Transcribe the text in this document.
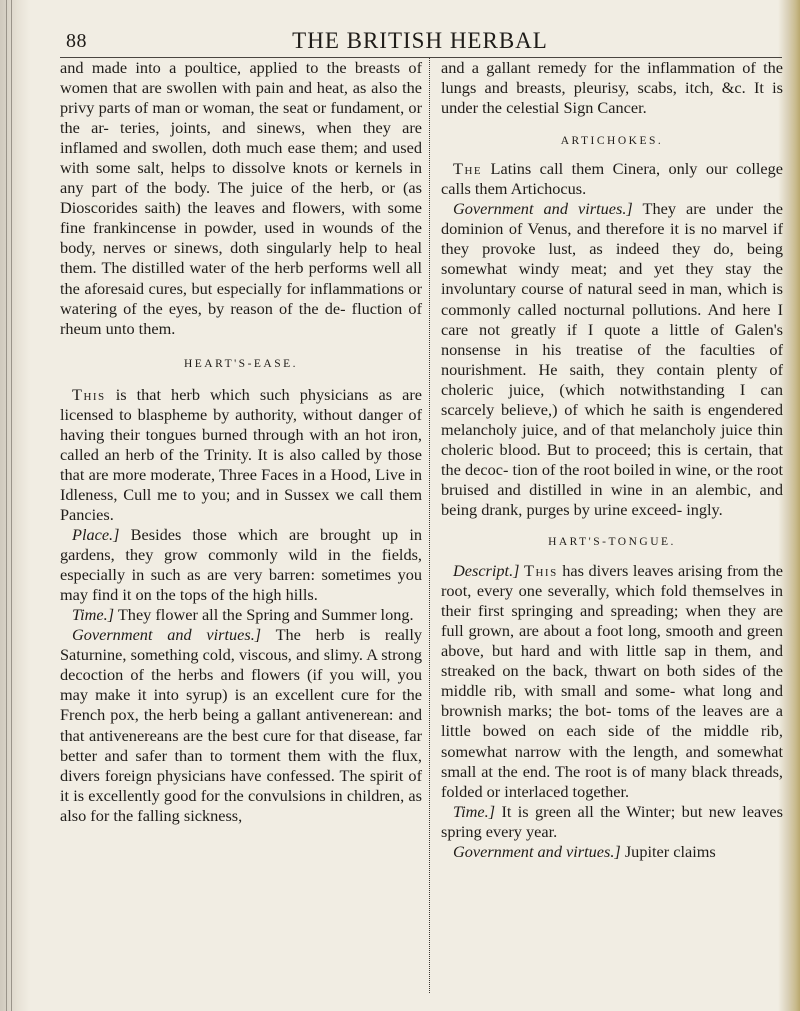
88	THE BRITISH HERBAL

and made into a poultice, applied to the breasts of women that are swollen with pain and heat, as also the privy parts of man or woman, the seat or fundament, or the ar- teries, joints, and sinews, when they are inflamed and swollen, doth much ease them; and used with some salt, helps to dissolve knots or kernels in any part of the body. The juice of the herb, or (as Dioscorides saith) the leaves and flowers, with some fine frankincense in powder, used in wounds of the body, nerves or sinews, doth singularly help to heal them. The distilled water of the herb performs well all the aforesaid cures, but especially for inflammations or watering of the eyes, by reason of the de- fluction of rheum unto them.

HEART'S-EASE.

This is that herb which such physicians as are licensed to blaspheme by authority, without danger of having their tongues burned through with an hot iron, called an herb of the Trinity. It is also called by those that are more moderate, Three Faces in a Hood, Live in Idleness, Cull me to you; and in Sussex we call them Pancies.

Place.] Besides those which are brought up in gardens, they grow commonly wild in the fields, especially in such as are very barren: sometimes you may find it on the tops of the high hills.

Time.] They flower all the Spring and Summer long.

Government and virtues.] The herb is really Saturnine, something cold, viscous, and slimy. A strong decoction of the herbs and flowers (if you will, you may make it into syrup) is an excellent cure for the French pox, the herb being a gallant antivenerean: and that antivenereans are the best cure for that disease, far better and safer than to torment them with the flux, divers foreign physicians have confessed. The spirit of it is excellently good for the convulsions in children, as also for the falling sickness,

and a gallant remedy for the inflammation of the lungs and breasts, pleurisy, scabs, itch, &c. It is under the celestial Sign Cancer.

ARTICHOKES.

The Latins call them Cinera, only our college calls them Artichocus.

Government and virtues.] They are under the dominion of Venus, and therefore it is no marvel if they provoke lust, as indeed they do, being somewhat windy meat; and yet they stay the involuntary course of natural seed in man, which is commonly called nocturnal pollutions. And here I care not greatly if I quote a little of Galen's nonsense in his treatise of the faculties of nourishment. He saith, they contain plenty of choleric juice, (which notwithstanding I can scarcely believe,) of which he saith is engendered melancholy juice, and of that melancholy juice thin choleric blood. But to proceed; this is certain, that the decoc- tion of the root boiled in wine, or the root bruised and distilled in wine in an alembic, and being drank, purges by urine exceed- ingly.

HART'S-TONGUE.

Descript.] This has divers leaves arising from the root, every one severally, which fold themselves in their first springing and spreading; when they are full grown, are about a foot long, smooth and green above, but hard and with little sap in them, and streaked on the back, thwart on both sides of the middle rib, with small and some- what long and brownish marks; the bot- toms of the leaves are a little bowed on each side of the middle rib, somewhat narrow with the length, and somewhat small at the end. The root is of many black threads, folded or interlaced together.

Time.] It is green all the Winter; but new leaves spring every year.

Government and virtues.] Jupiter claims
